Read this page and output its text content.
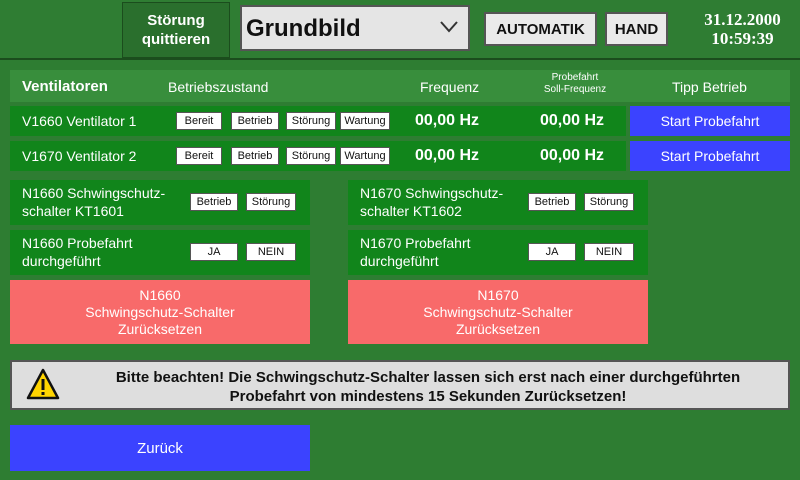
Störung
quittieren Grundbild	AUTOMATIK HAND	31.12.2000
10:59:39
Ventilatoren	Betriebszustand	Frequenz
Probefahrt
Soll-Frequenz	Tipp Betrieb
V1660 Ventilator 1	Bereit	Betrieb	Störung	Wartung 00,00 Hz	00,00 Hz	Start Probefahrt
V1670 Ventilator 2	Bereit	Betrieb	Störung	Wartung 00,00 Hz	00,00 Hz	Start Probefahrt
N1660 Schwingschutz-
schalter KT1601
Betrieb	Störung
N1660 Probefahrt
durchgeführt
JA	NEIN
N1660
Schwingschutz-Schalter
Zurücksetzen
N1670 Schwingschutz-
schalter KT1602
Betrieb	Störung
N1670 Probefahrt
durchgeführt
JA	NEIN
N1670
Schwingschutz-Schalter
Zurücksetzen
Bitte beachten! Die Schwingschutz-Schalter lassen sich erst nach einer durchgeführten
Probefahrt von mindestens 15 Sekunden Zurücksetzen!
Zurück
